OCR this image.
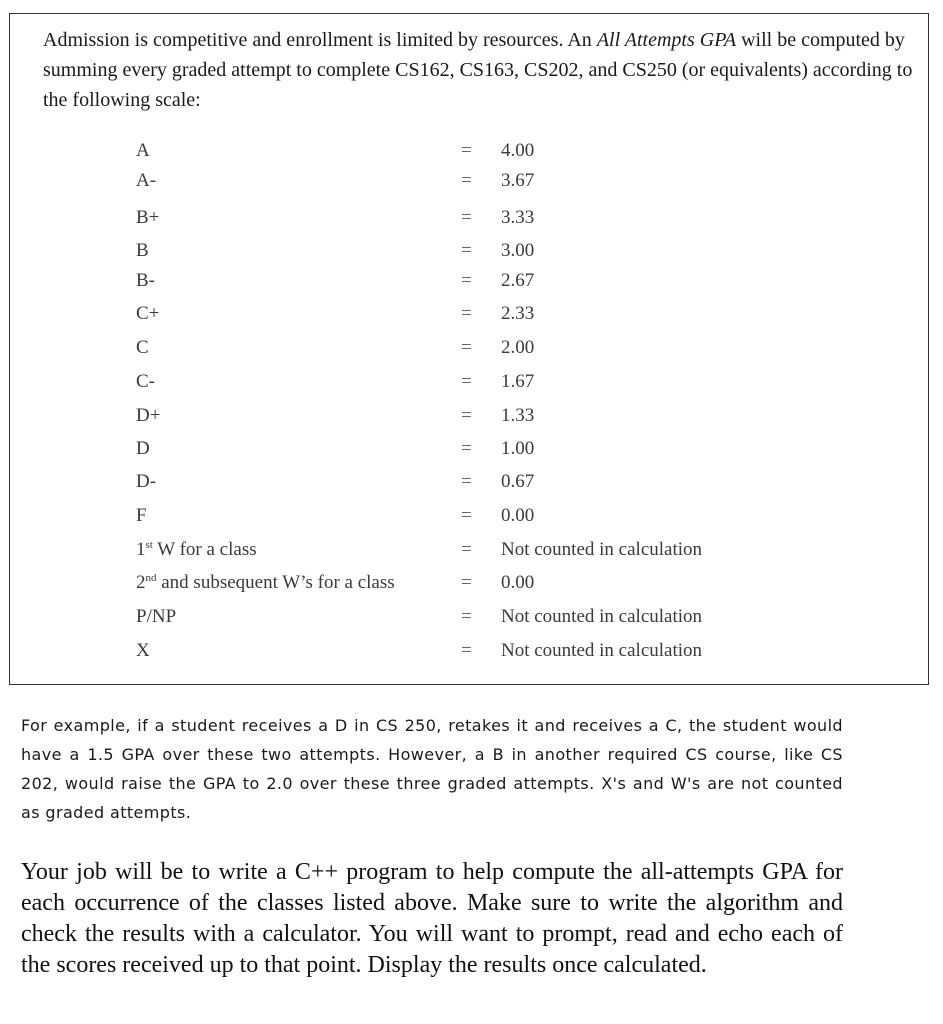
Admission is competitive and enrollment is limited by resources. An All Attempts GPA will be computed by summing every graded attempt to complete CS162, CS163, CS202, and CS250 (or equivalents) according to the following scale:

A	= 4.00
A-	= 3.67
B+	= 3.33
B	= 3.00
B-	= 2.67
C+	= 2.33
C	= 2.00
C-	= 1.67
D+	= 1.33
D	= 1.00
D-	= 0.67
F	= 0.00
1st W for a class	= Not counted in calculation
2nd and subsequent W’s for a class	= 0.00
P/NP	= Not counted in calculation
X	= Not counted in calculation

For example, if a student receives a D in CS 250, retakes it and receives a C, the student would have a 1.5 GPA over these two attempts. However, a B in another required CS course, like CS 202, would raise the GPA to 2.0 over these three graded attempts. X's and W's are not counted as graded attempts.

Your job will be to write a C++ program to help compute the all-attempts GPA for each occurrence of the classes listed above. Make sure to write the algorithm and check the results with a calculator. You will want to prompt, read and echo each of the scores received up to that point. Display the results once calculated.
